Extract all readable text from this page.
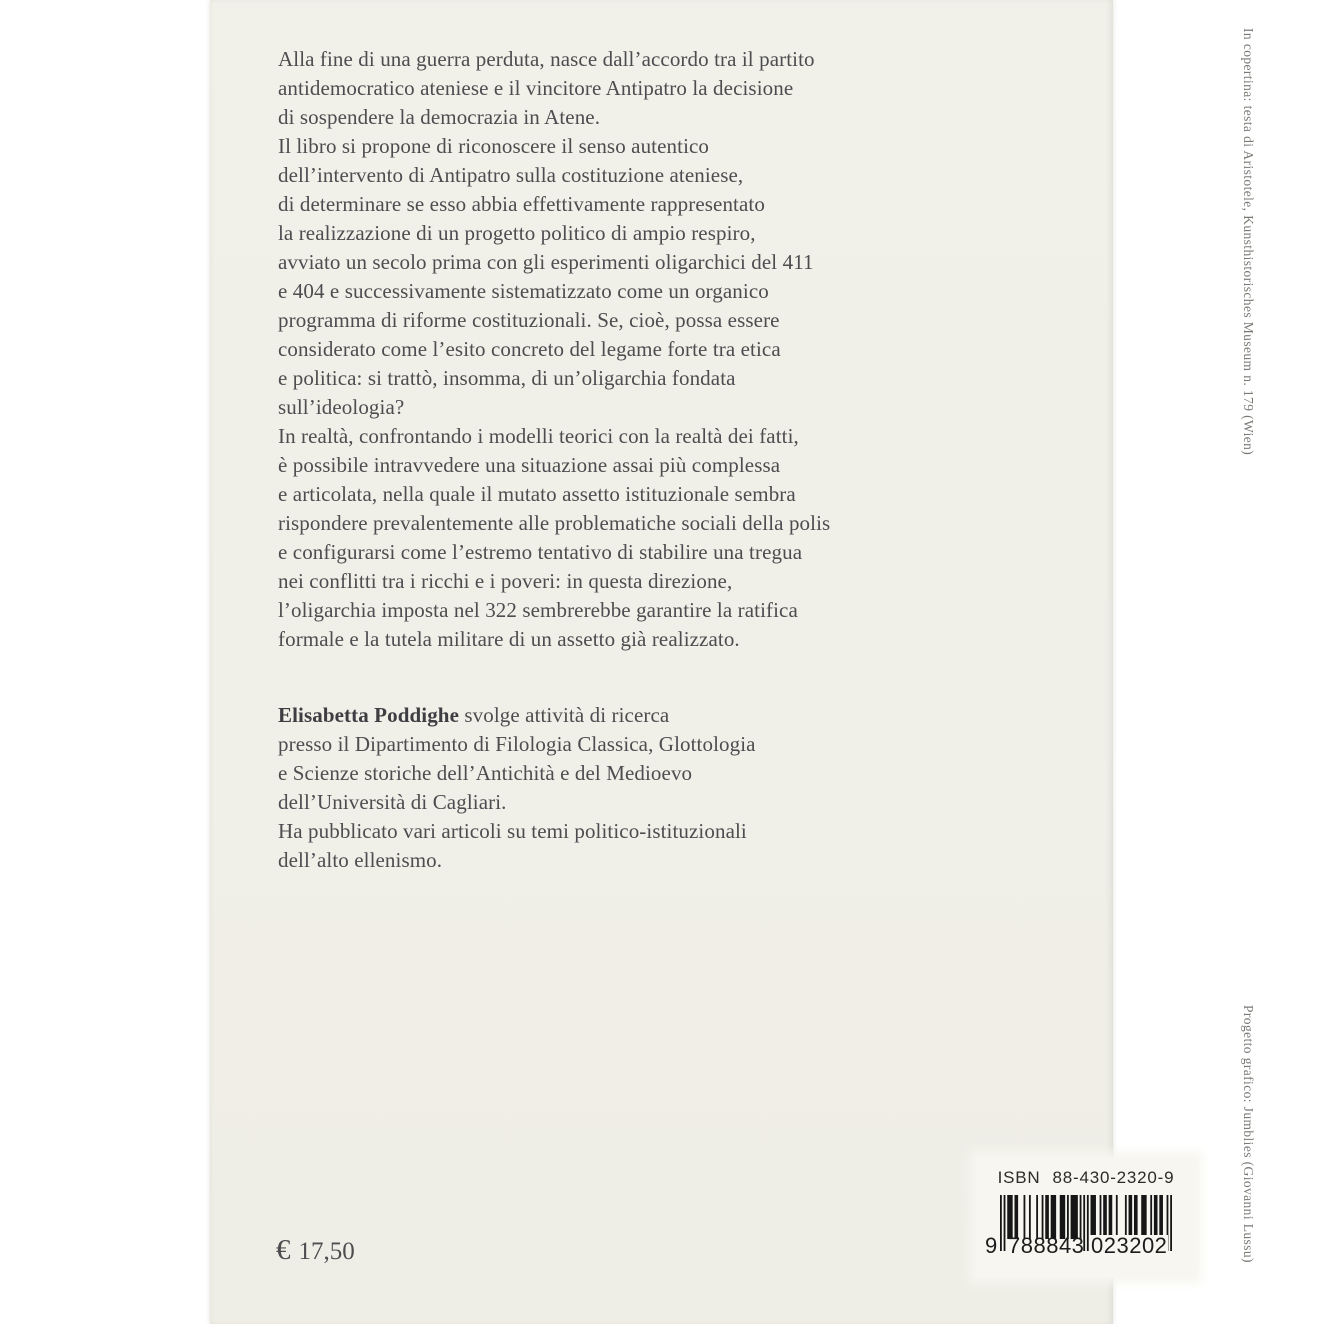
Alla fine di una guerra perduta, nasce dall’accordo tra il partito
antidemocratico ateniese e il vincitore Antipatro la decisione
di sospendere la democrazia in Atene.
Il libro si propone di riconoscere il senso autentico
dell’intervento di Antipatro sulla costituzione ateniese,
di determinare se esso abbia effettivamente rappresentato
la realizzazione di un progetto politico di ampio respiro,
avviato un secolo prima con gli esperimenti oligarchici del 411
e 404 e successivamente sistematizzato come un organico
programma di riforme costituzionali. Se, cioè, possa essere
considerato come l’esito concreto del legame forte tra etica
e politica: si trattò, insomma, di un’oligarchia fondata
sull’ideologia?
In realtà, confrontando i modelli teorici con la realtà dei fatti,
è possibile intravvedere una situazione assai più complessa
e articolata, nella quale il mutato assetto istituzionale sembra
rispondere prevalentemente alle problematiche sociali della polis
e configurarsi come l’estremo tentativo di stabilire una tregua
nei conflitti tra i ricchi e i poveri: in questa direzione,
l’oligarchia imposta nel 322 sembrerebbe garantire la ratifica
formale e la tutela militare di un assetto già realizzato.
Elisabetta Poddighe svolge attività di ricerca
presso il Dipartimento di Filologia Classica, Glottologia
e Scienze storiche dell’Antichità e del Medioevo
dell’Università di Cagliari.
Ha pubblicato vari articoli su temi politico-istituzionali
dell’alto ellenismo.
In copertina: testa di Aristotele, Kunsthistorisches Museum n. 179 (Wien)
Progetto grafico: Jumblies (Giovanni Lussu)
ISBN 88-430-2320-9
9 788843 023202
€ 17,50
